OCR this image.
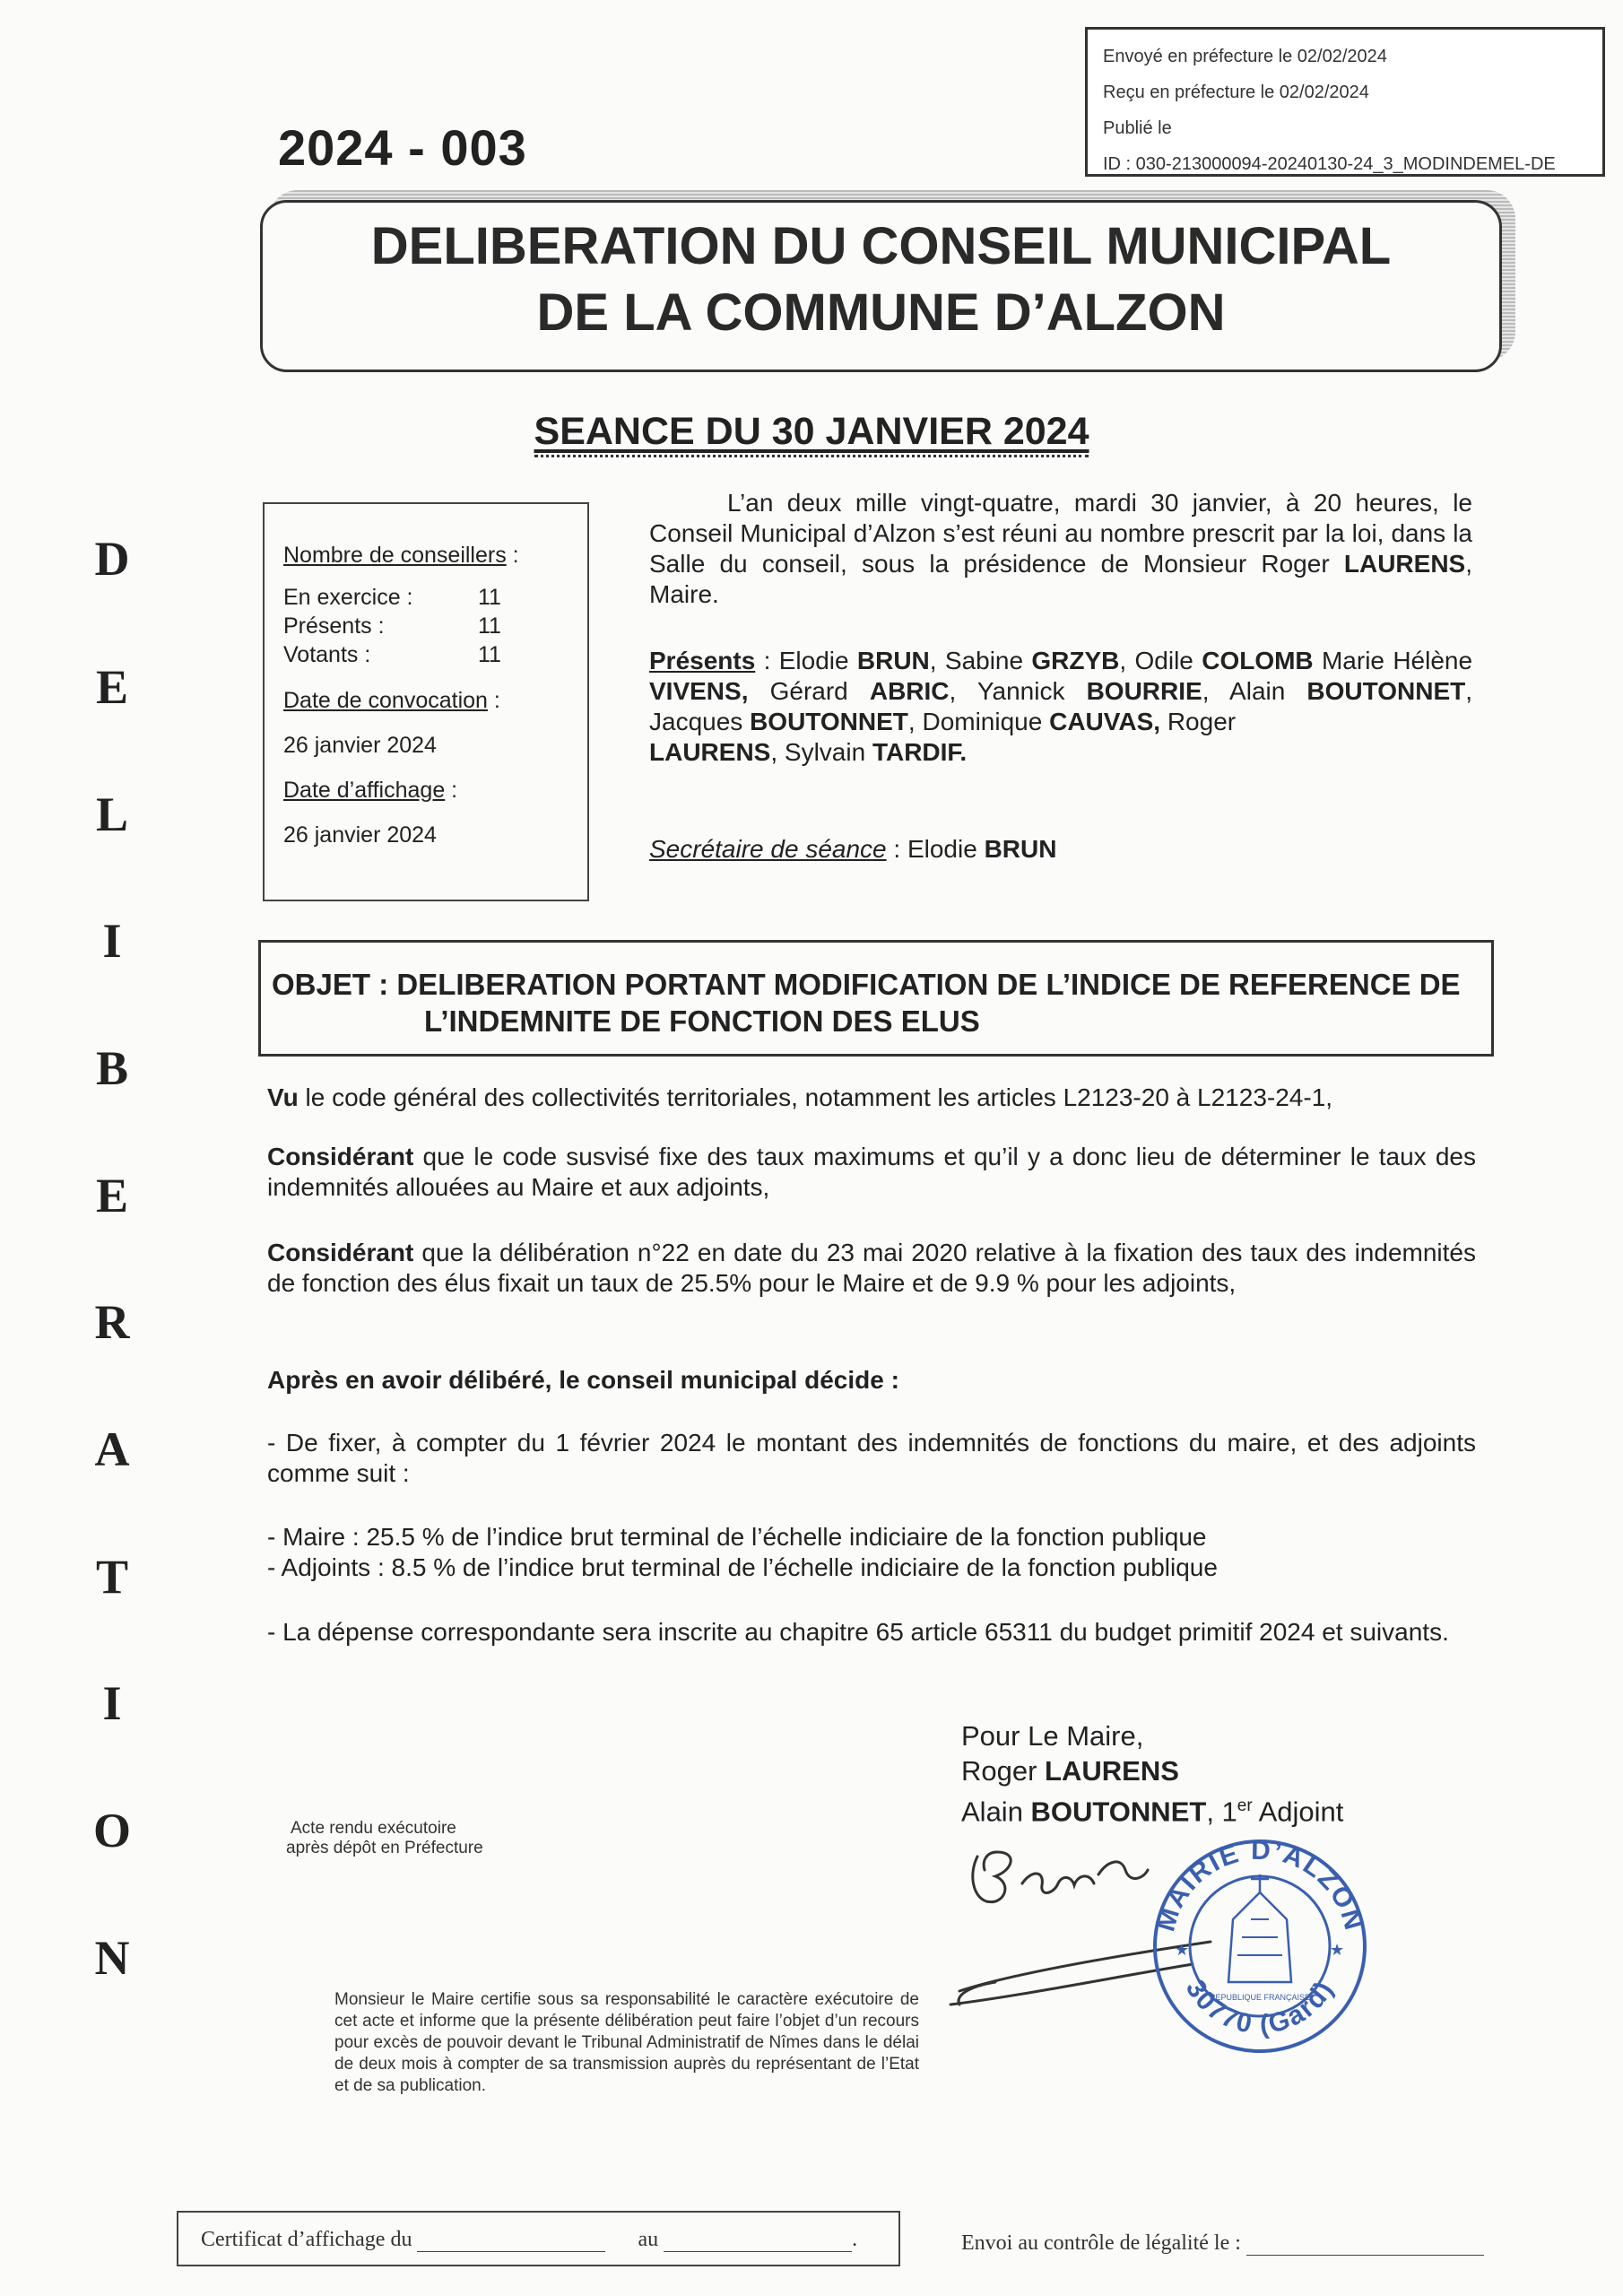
Envoyé en préfecture le 02/02/2024
Reçu en préfecture le 02/02/2024
Publié le
ID : 030-213000094-20240130-24_3_MODINDEMEL-DE
2024 - 003
DELIBERATION DU CONSEIL MUNICIPAL
DE LA COMMUNE D’ALZON
SEANCE DU 30 JANVIER 2024
D
E
L
I
B
E
R
A
T
I
O
N
Nombre de conseillers :
En exercice :	11
Présents :	11
Votants :	11
Date de convocation :
26 janvier 2024
Date d’affichage :
26 janvier 2024
L’an deux mille vingt-quatre, mardi 30 janvier, à 20 heures, le Conseil Municipal d’Alzon s’est réuni au nombre prescrit par la loi, dans la Salle du conseil, sous la présidence de Monsieur Roger LAURENS, Maire.
Présents : Elodie BRUN, Sabine GRZYB, Odile COLOMB Marie Hélène VIVENS, Gérard ABRIC, Yannick BOURRIE, Alain BOUTONNET, Jacques BOUTONNET, Dominique CAUVAS, Roger
LAURENS, Sylvain TARDIF.
Secrétaire de séance : Elodie BRUN
OBJET : DELIBERATION PORTANT MODIFICATION DE L’INDICE DE REFERENCE DE
L’INDEMNITE DE FONCTION DES ELUS
Vu le code général des collectivités territoriales, notamment les articles L2123-20 à L2123-24-1,
Considérant que le code susvisé fixe des taux maximums et qu’il y a donc lieu de déterminer le taux des indemnités allouées au Maire et aux adjoints,
Considérant que la délibération n°22 en date du 23 mai 2020 relative à la fixation des taux des indemnités de fonction des élus fixait un taux de 25.5% pour le Maire et de 9.9 % pour les adjoints,
Après en avoir délibéré, le conseil municipal décide :
- De fixer, à compter du 1 février 2024 le montant des indemnités de fonctions du maire, et des adjoints comme suit :
- Maire : 25.5 % de l’indice brut terminal de l’échelle indiciaire de la fonction publique
- Adjoints : 8.5 % de l’indice brut terminal de l’échelle indiciaire de la fonction publique
- La dépense correspondante sera inscrite au chapitre 65 article 65311 du budget primitif 2024 et suivants.
Pour Le Maire,
Roger LAURENS
Alain BOUTONNET, 1er Adjoint
MAIRIE D’ALZON
30770 (Gard)
REPUBLIQUE FRANÇAISE
★	★
Acte rendu exécutoire
après dépôt en Préfecture
Monsieur le Maire certifie sous sa responsabilité le caractère exécutoire de cet acte et informe que la présente délibération peut faire l’objet d’un recours pour excès de pouvoir devant le Tribunal Administratif de Nîmes dans le délai de deux mois à compter de sa transmission auprès du représentant de l’Etat et de sa publication.
Certificat d’affichage du	au	.	Envoi au contrôle de légalité le :
